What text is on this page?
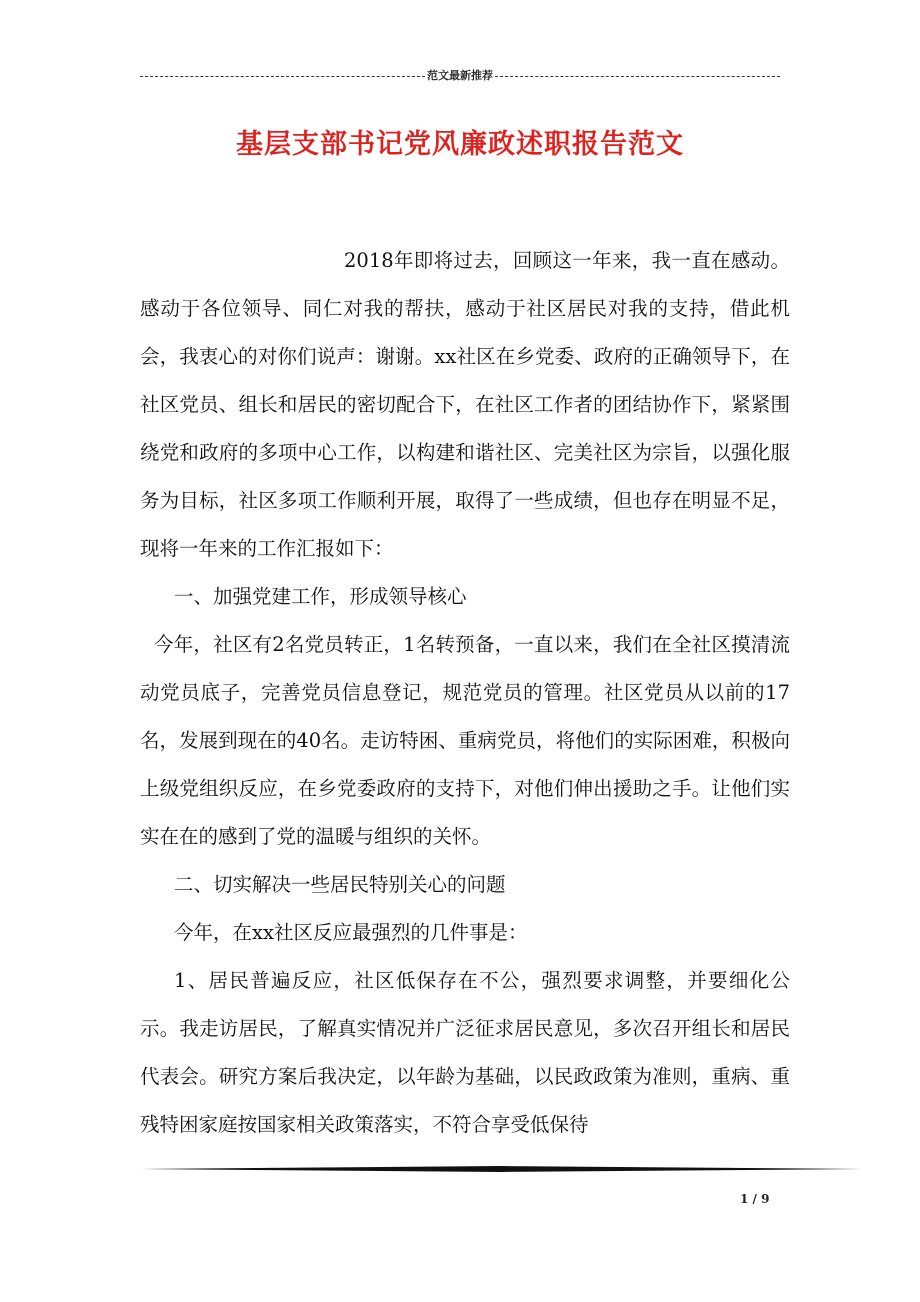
范文最新推荐
基层支部书记党风廉政述职报告范文

2018年即将过去，回顾这一年来，我一直在感动。感动于各位领导、同仁对我的帮扶，感动于社区居民对我的支持，借此机会，我衷心的对你们说声：谢谢。xx社区在乡党委、政府的正确领导下，在社区党员、组长和居民的密切配合下，在社区工作者的团结协作下，紧紧围绕党和政府的多项中心工作，以构建和谐社区、完美社区为宗旨，以强化服务为目标，社区多项工作顺利开展，取得了一些成绩，但也存在明显不足，现将一年来的工作汇报如下：

一、加强党建工作，形成领导核心

今年，社区有2名党员转正，1名转预备，一直以来，我们在全社区摸清流动党员底子，完善党员信息登记，规范党员的管理。社区党员从以前的17名，发展到现在的40名。走访特困、重病党员，将他们的实际困难，积极向上级党组织反应，在乡党委政府的支持下，对他们伸出援助之手。让他们实实在在的感到了党的温暖与组织的关怀。

二、切实解决一些居民特别关心的问题

今年，在xx社区反应最强烈的几件事是：

1、居民普遍反应，社区低保存在不公，强烈要求调整，并要细化公示。我走访居民，了解真实情况并广泛征求居民意见，多次召开组长和居民代表会。研究方案后我决定，以年龄为基础，以民政政策为准则，重病、重残特困家庭按国家相关政策落实，不符合享受低保待

1 / 9
